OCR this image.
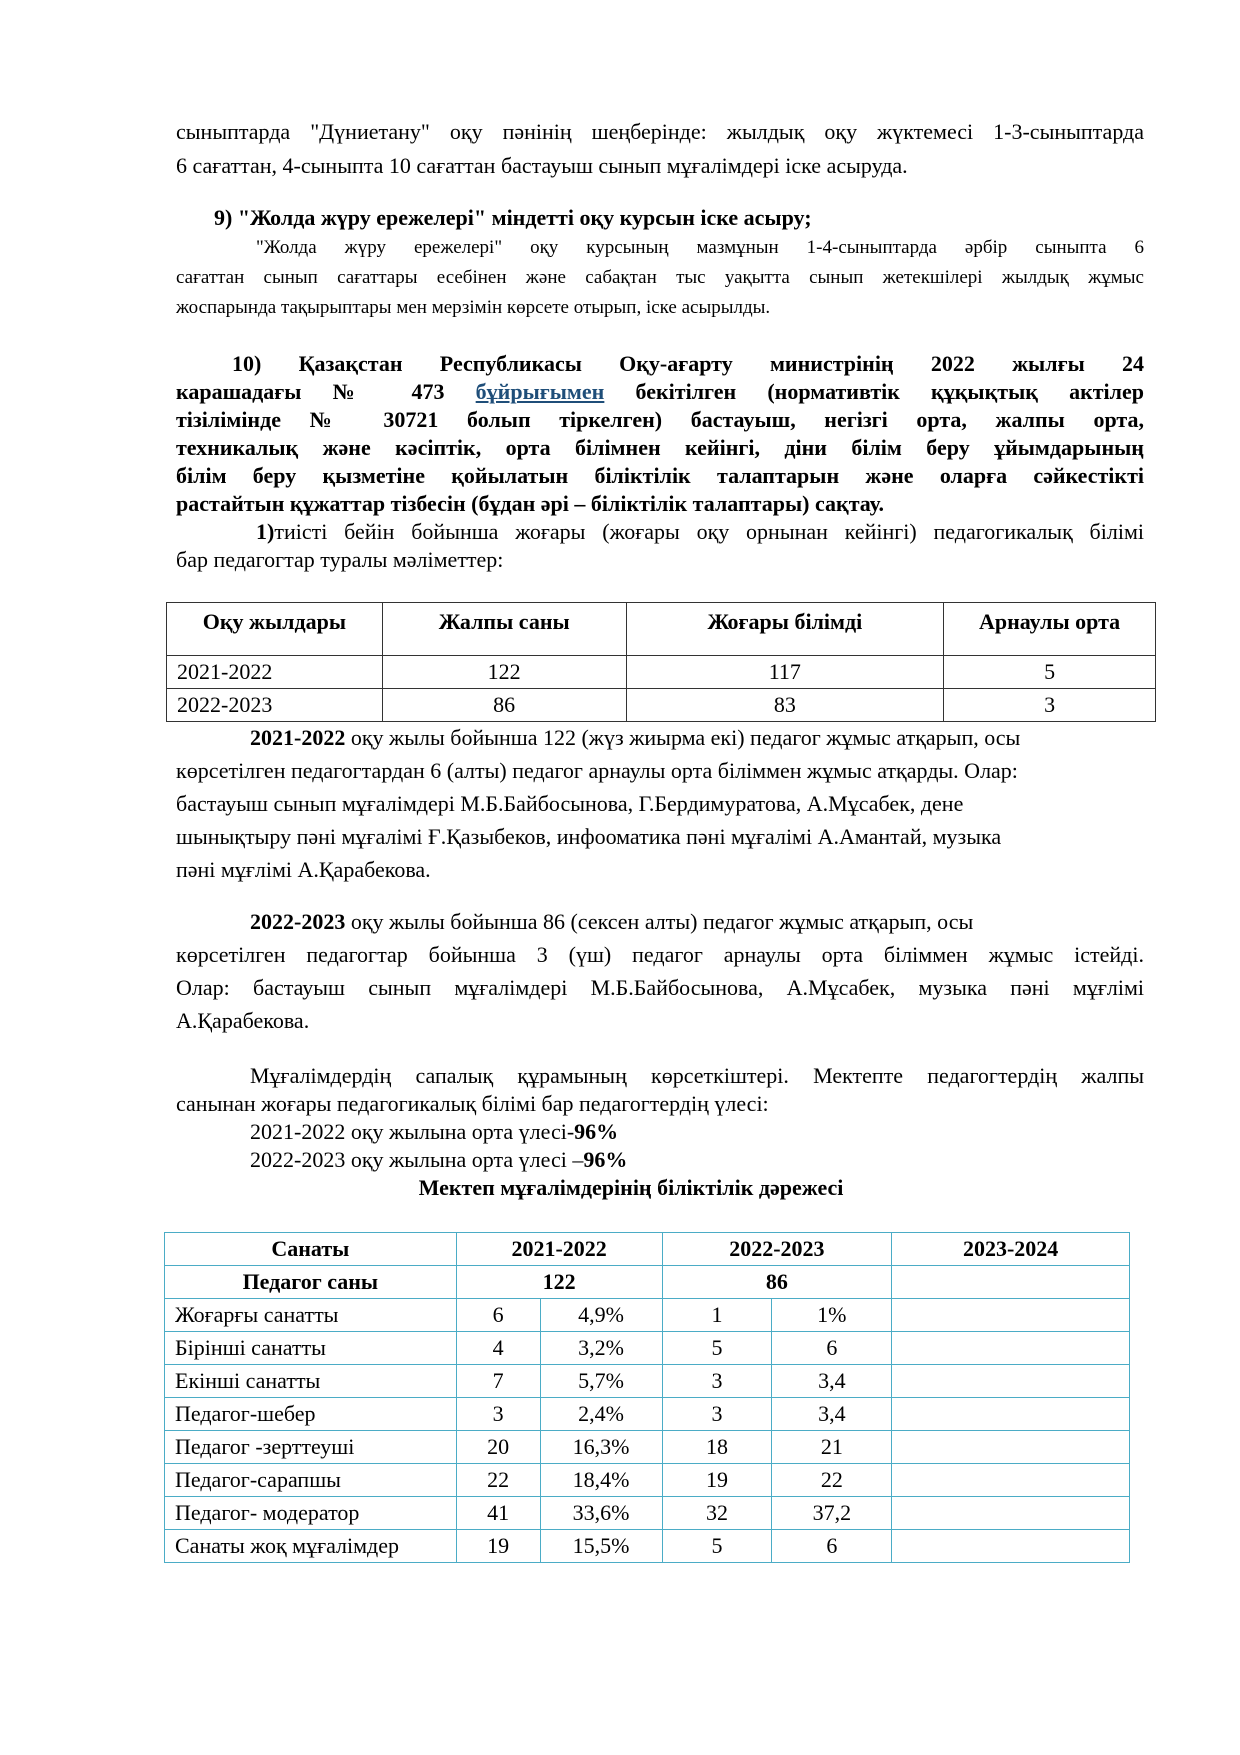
сыныптарда "Дүниетану" оқу пәнінің шеңберінде: жылдық оқу жүктемесі 1-3-сыныптарда
6 сағаттан, 4-сыныпта 10 сағаттан бастауыш сынып мұғалімдері іске асыруда.
9) "Жолда жүру ережелері" міндетті оқу курсын іске асыру;
"Жолда жүру ережелері" оқу курсының мазмұнын 1-4-сыныптарда әрбір сыныпта 6
сағаттан сынып сағаттары есебінен және сабақтан тыс уақытта сынып жетекшілері жылдық жұмыс
жоспарында тақырыптары мен мерзімін көрсете отырып, іске асырылды.
10) Қазақстан Республикасы Оқу-ағарту министрінің 2022 жылғы 24
карашадағы № 473 бұйрығымен бекітілген (нормативтік құқықтық актілер
тізілімінде № 30721 болып тіркелген) бастауыш, негізгі орта, жалпы орта,
техникалық және кәсіптік, орта білімнен кейінгі, діни білім беру ұйымдарының
білім беру қызметіне қойылатын біліктілік талаптарын және оларға сәйкестікті
растайтын құжаттар тізбесін (бұдан әрі – біліктілік талаптары) сақтау.
1)тиісті бейін бойынша жоғары (жоғары оқу орнынан кейінгі) педагогикалық білімі
бар педагогтар туралы мәліметтер:
Оқу жылдары	Жалпы саны	Жоғары білімді	Арнаулы орта
2021-2022	122	117	5
2022-2023	86	83	3
2021-2022 оқу жылы бойынша 122 (жүз жиырма екі) педагог жұмыс атқарып, осы
көрсетілген педагогтардан 6 (алты) педагог арнаулы орта біліммен жұмыс атқарды. Олар:
бастауыш сынып мұғалімдері М.Б.Байбосынова, Г.Бердимуратова, А.Мұсабек, дене
шынықтыру пәні мұғалімі Ғ.Қазыбеков, инфооматика пәні мұғалімі А.Амантай, музыка
пәні мұғлімі А.Қарабекова.
2022-2023 оқу жылы бойынша 86 (сексен алты) педагог жұмыс атқарып, осы
көрсетілген педагогтар бойынша 3 (үш) педагог арнаулы орта біліммен жұмыс істейді.
Олар: бастауыш сынып мұғалімдері М.Б.Байбосынова, А.Мұсабек, музыка пәні мұғлімі
А.Қарабекова.
Мұғалімдердің сапалық құрамының көрсеткіштері. Мектепте педагогтердің жалпы
санынан жоғары педагогикалық білімі бар педагогтердің үлесі:
2021-2022 оқу жылына орта үлесі-96%
2022-2023 оқу жылына орта үлесі –96%
Мектеп мұғалімдерінің біліктілік дәрежесі
Санаты	2021-2022		2022-2023		2023-2024
Педагог саны	122		86		
Жоғарғы санатты	6	4,9%	1	1%	
Бірінші санатты	4	3,2%	5	6	
Екінші санатты	7	5,7%	3	3,4	
Педагог-шебер	3	2,4%	3	3,4	
Педагог -зерттеуші	20	16,3%	18	21	
Педагог-сарапшы	22	18,4%	19	22	
Педагог- модератор	41	33,6%	32	37,2	
Санаты жоқ мұғалімдер	19	15,5%	5	6	
